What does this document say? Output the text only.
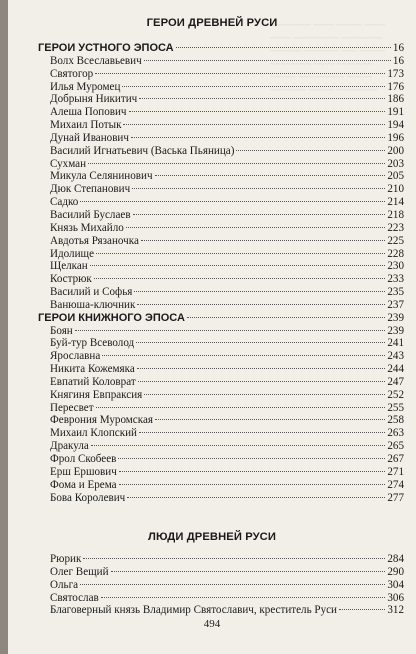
~~~~~~~~ ~~~~ ~~~~~ ~~~~
~~~~ ~~~~~~~~~ ~~~~~~~~
~~~~~~ ~~~~~~~ ~~~ ~~~~~
~~~~~~~~ ~~~~ ~~~~~~~
~~~~~ ~~~~~~~~~ ~~~~~
~~~~~~~ ~~~~~ ~~~~~~~~
ГЕРОИ ДРЕВНЕЙ РУСИ
ГЕРОИ УСТНОГО ЭПОСА	16
Волх Всеславьевич	16
Святогор	173
Илья Муромец	176
Добрыня Никитич	186
Алеша Попович	191
Михаил Потык	194
Дунай Иванович	196
Василий Игнатьевич (Васька Пьяница)	200
Сухман	203
Микула Селянинович	205
Дюк Степанович	210
Садко	214
Василий Буслаев	218
Князь Михайло	223
Авдотья Рязаночка	225
Идолище	228
Щелкан	230
Кострюк	233
Василий и Софья	235
Ванюша-ключник	237
ГЕРОИ КНИЖНОГО ЭПОСА	239
Боян	239
Буй-тур Всеволод	241
Ярославна	243
Никита Кожемяка	244
Евпатий Коловрат	247
Княгиня Евпраксия	252
Пересвет	255
Феврония Муромская	258
Михаил Клопский	263
Дракула	265
Фрол Скобеев	267
Ерш Ершович	271
Фома и Ерема	274
Бова Королевич	277
ЛЮДИ ДРЕВНЕЙ РУСИ
Рюрик	284
Олег Вещий	290
Ольга	304
Святослав	306
Благоверный князь Владимир Святославич, креститель Руси	312
494
